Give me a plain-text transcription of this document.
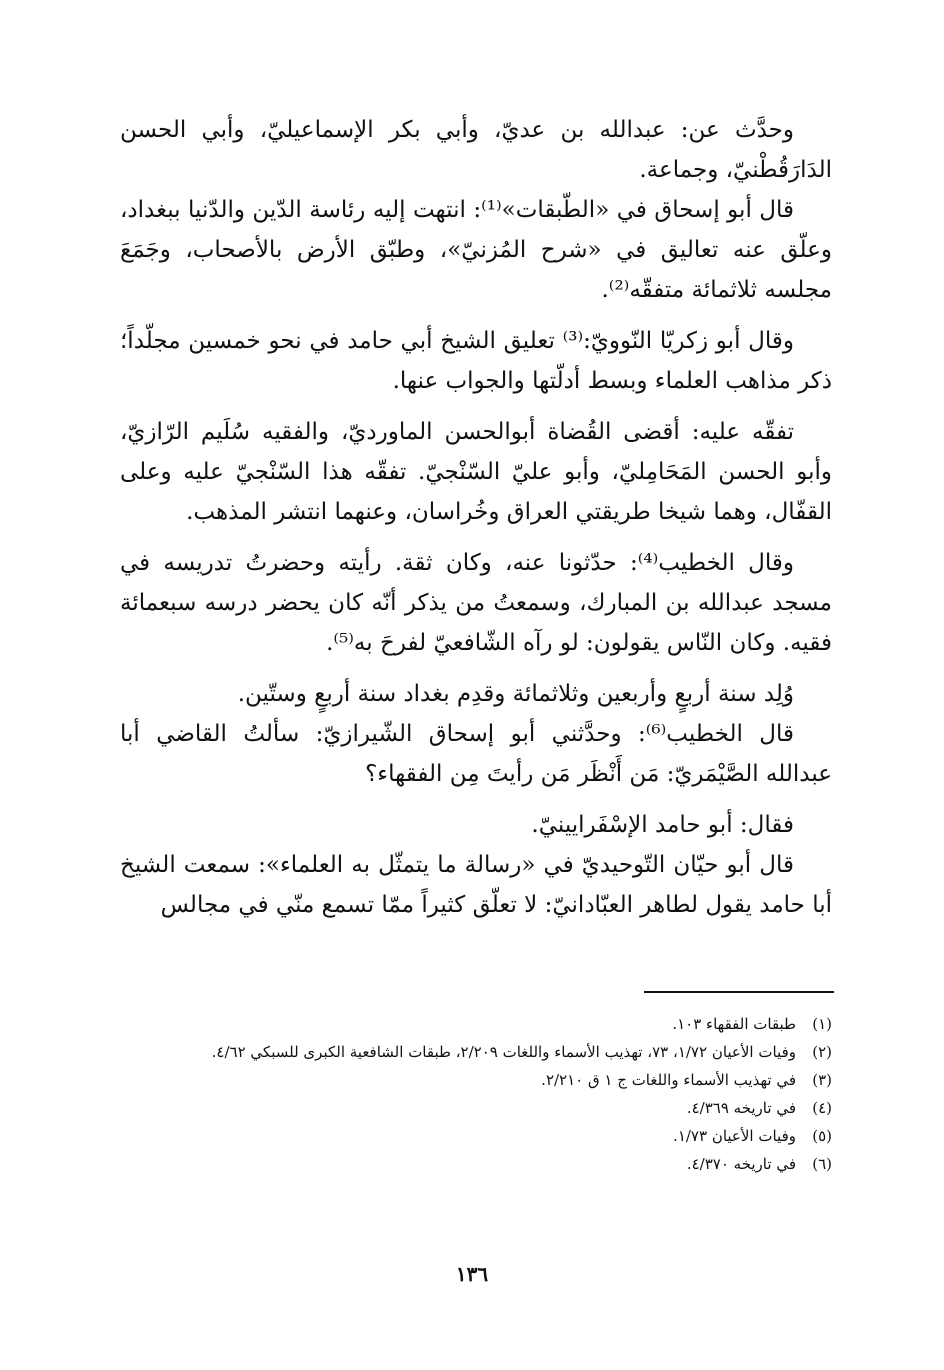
وحدَّث عن: عبدالله بن عديّ، وأبي بكر الإسماعيليّ، وأبي الحسن الدَارَقُطْنيّ، وجماعة.

قال أبو إسحاق في «الطّبقات»⁽¹⁾: انتهت إليه رئاسة الدّين والدّنيا ببغداد، وعلّق عنه تعاليق في «شرح المُزنيّ»، وطبّق الأرض بالأصحاب، وجَمَعَ مجلسه ثلاثمائة متفقّه⁽²⁾.

وقال أبو زكريّا النّوويّ:⁽³⁾ تعليق الشيخ أبي حامد في نحو خمسين مجلّداً؛ ذكر مذاهب العلماء وبسط أدلّتها والجواب عنها.

تفقّه عليه: أقضى القُضاة أبوالحسن الماورديّ، والفقيه سُلَيم الرّازيّ، وأبو الحسن المَحَامِليّ، وأبو عليّ السّنْجيّ. تفقّه هذا السّنْجيّ عليه وعلى القفّال، وهما شيخا طريقتي العراق وخُراسان، وعنهما انتشر المذهب.

وقال الخطيب⁽⁴⁾: حدّثونا عنه، وكان ثقة. رأيته وحضرتُ تدريسه في مسجد عبدالله بن المبارك، وسمعتُ من يذكر أنّه كان يحضر درسه سبعمائة فقيه. وكان النّاس يقولون: لو رآه الشّافعيّ لفرحَ به⁽⁵⁾.

وُلِد سنة أربعٍ وأربعين وثلاثمائة وقدِم بغداد سنة أربعٍ وستّين.

قال الخطيب⁽⁶⁾: وحدَّثني أبو إسحاق الشّيرازيّ: سألتُ القاضي أبا عبدالله الصَّيْمَريّ: مَن أَنْظَر مَن رأيتَ مِن الفقهاء؟

فقال: أبو حامد الإسْفَرايينيّ.

قال أبو حيّان التّوحيديّ في «رسالة ما يتمثّل به العلماء»: سمعت الشيخ أبا حامد يقول لطاهر العبّادانيّ: لا تعلّق كثيراً ممّا تسمع منّي في مجالس

(١)
طبقات الفقهاء ١٠٣.
(٢)
وفيات الأعيان ١/٧٢، ٧٣، تهذيب الأسماء واللغات ٢/٢٠٩، طبقات الشافعية الكبرى للسبكي ٤/٦٢.
(٣)
في تهذيب الأسماء واللغات ج ١ ق ٢/٢١٠.
(٤)
في تاريخه ٤/٣٦٩.
(٥)
وفيات الأعيان ١/٧٣.
(٦)
في تاريخه ٤/٣٧٠.
١٣٦
